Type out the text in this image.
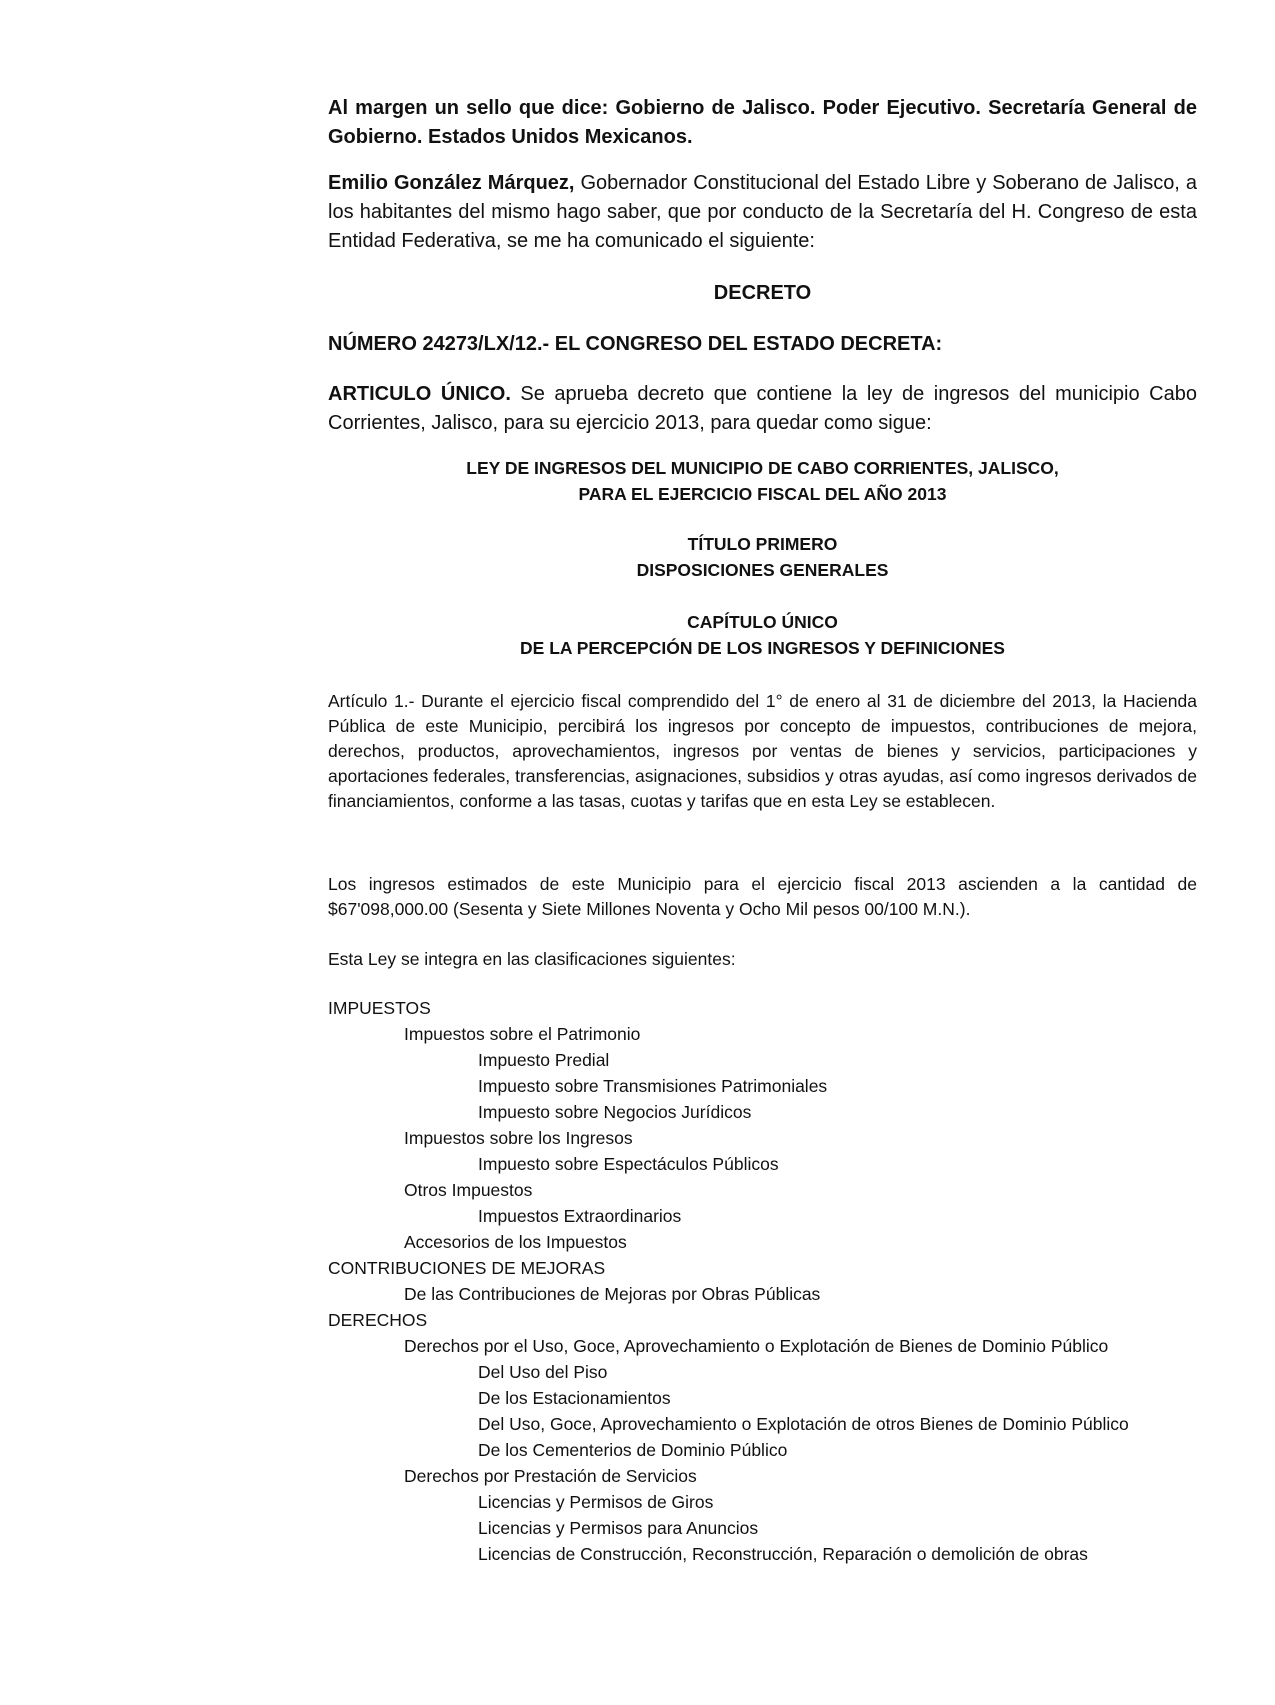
Al margen un sello que dice: Gobierno de Jalisco. Poder Ejecutivo. Secretaría General de Gobierno. Estados Unidos Mexicanos.

Emilio González Márquez, Gobernador Constitucional del Estado Libre y Soberano de Jalisco, a los habitantes del mismo hago saber, que por conducto de la Secretaría del H. Congreso de esta Entidad Federativa, se me ha comunicado el siguiente:

DECRETO

NÚMERO 24273/LX/12.- EL CONGRESO DEL ESTADO DECRETA:

ARTICULO ÚNICO. Se aprueba decreto que contiene la ley de ingresos del municipio Cabo Corrientes, Jalisco, para su ejercicio 2013, para quedar como sigue:

LEY DE INGRESOS DEL MUNICIPIO DE CABO CORRIENTES, JALISCO,

PARA EL EJERCICIO FISCAL DEL AÑO 2013

TÍTULO PRIMERO

DISPOSICIONES GENERALES

CAPÍTULO ÚNICO

DE LA PERCEPCIÓN DE LOS INGRESOS Y DEFINICIONES

Artículo 1.- Durante el ejercicio fiscal comprendido del 1° de enero al 31 de diciembre del 2013, la Hacienda Pública de este Municipio, percibirá los ingresos por concepto de impuestos, contribuciones de mejora, derechos, productos, aprovechamientos, ingresos por ventas de bienes y servicios, participaciones y aportaciones federales, transferencias, asignaciones, subsidios y otras ayudas, así como ingresos derivados de financiamientos, conforme a las tasas, cuotas y tarifas que en esta Ley se establecen.

Los ingresos estimados de este Municipio para el ejercicio fiscal 2013 ascienden a la cantidad de $67'098,000.00 (Sesenta y Siete Millones Noventa y Ocho Mil pesos 00/100 M.N.).

Esta Ley se integra en las clasificaciones siguientes:

IMPUESTOS
Impuestos sobre el Patrimonio
Impuesto Predial
Impuesto sobre Transmisiones Patrimoniales
Impuesto sobre Negocios Jurídicos
Impuestos sobre los Ingresos
Impuesto sobre Espectáculos Públicos
Otros Impuestos
Impuestos Extraordinarios
Accesorios de los Impuestos
CONTRIBUCIONES DE MEJORAS
De las Contribuciones de Mejoras por Obras Públicas
DERECHOS
Derechos por el Uso, Goce, Aprovechamiento o Explotación de Bienes de Dominio Público
Del Uso del Piso
De los Estacionamientos
Del Uso, Goce, Aprovechamiento o Explotación de otros Bienes de Dominio Público
De los Cementerios de Dominio Público
Derechos por Prestación de Servicios
Licencias y Permisos de Giros
Licencias y Permisos para Anuncios
Licencias de Construcción, Reconstrucción, Reparación o demolición de obras
